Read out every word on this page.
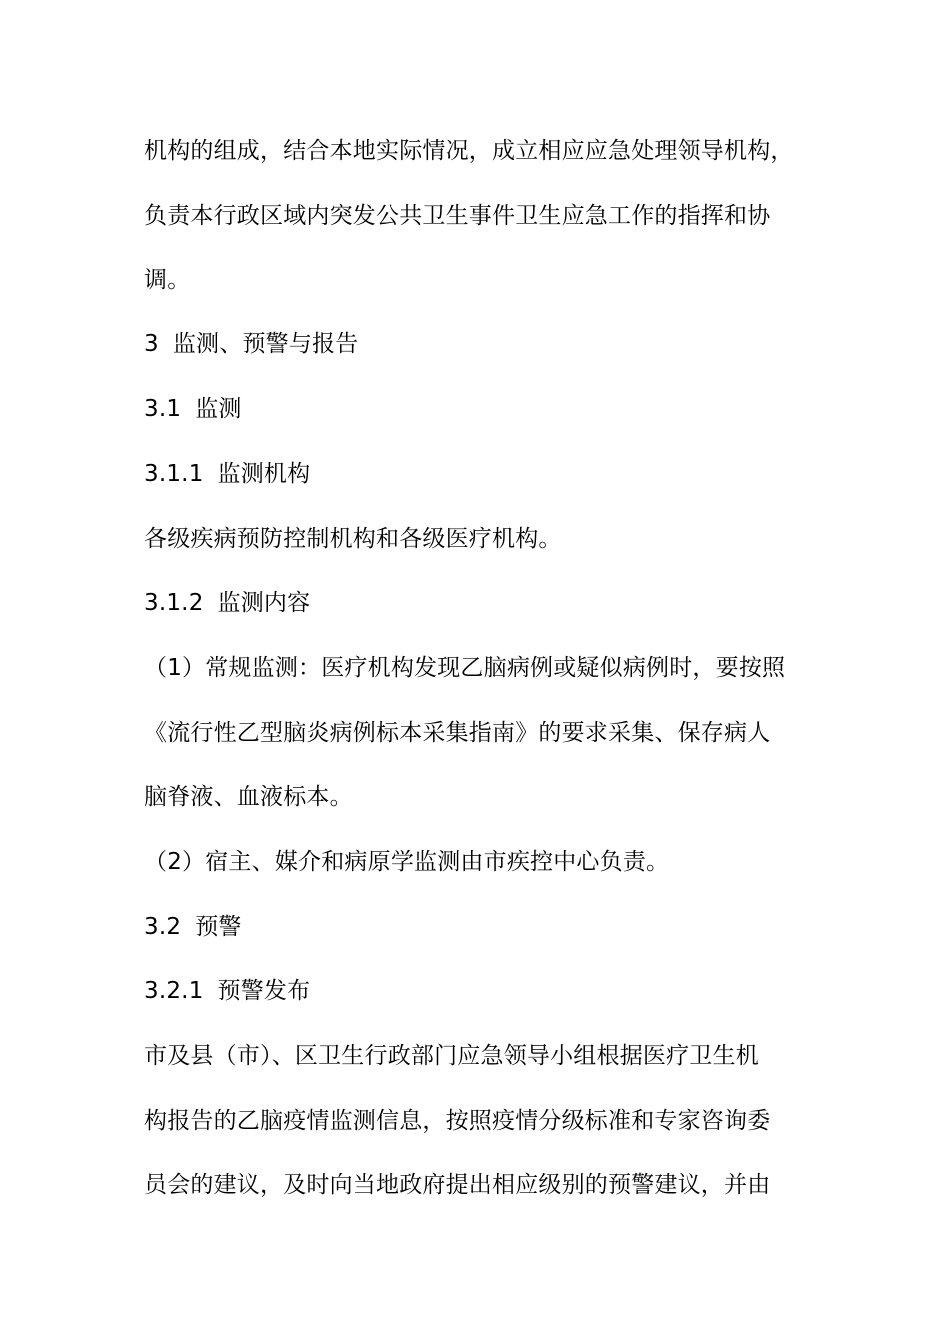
机构的组成，结合本地实际情况，成立相应应急处理领导机构，
负责本行政区域内突发公共卫生事件卫生应急工作的指挥和协
调。
3 监测、预警与报告
3.1 监测
3.1.1 监测机构
各级疾病预防控制机构和各级医疗机构。
3.1.2 监测内容
（1）常规监测：医疗机构发现乙脑病例或疑似病例时，要按照
《流行性乙型脑炎病例标本采集指南》的要求采集、保存病人
脑脊液、血液标本。
（2）宿主、媒介和病原学监测由市疾控中心负责。
3.2 预警
3.2.1 预警发布
市及县（市）、区卫生行政部门应急领导小组根据医疗卫生机
构报告的乙脑疫情监测信息，按照疫情分级标准和专家咨询委
员会的建议，及时向当地政府提出相应级别的预警建议，并由
